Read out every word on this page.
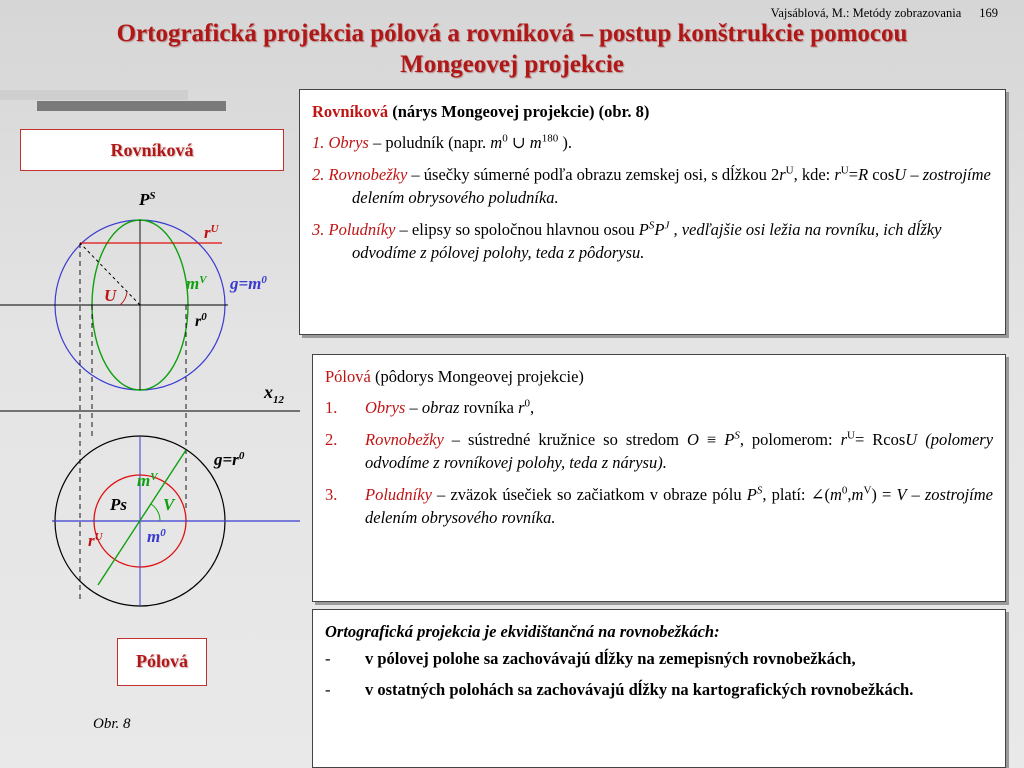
Vajsáblová, M.: Metódy zobrazovania 169
Ortografická projekcia pólová a rovníková – postup konštrukcie pomocou
Mongeovej projekcie
Rovníková
$P^S$
$r^U$
$m^V$ $g=m^0$
U
$r^0$
$x_{12}$
$g=r^0$
$m^V$
Ps V
$r^U$	$m^0$
Pólová
Obr. 8
Rovníková (nárys Mongeovej projekcie) (obr. 8)
1. Obrys – poludník (napr. $m^0$ ∪ $m^{180}$ ).
2. Rovnobežky – úsečky súmerné podľa obrazu zemskej osi, s dĺžkou $2r^U$, kde: $r^U=R$ cosU – zostrojíme delením obrysového poludníka.
3. Poludníky – elipsy so spoločnou hlavnou osou $P^SP^J$ , vedľajšie osi ležia na rovníku, ich dĺžky odvodíme z pólovej polohy, teda z pôdorysu.
Pólová (pôdorys Mongeovej projekcie)
1. Obrys – obraz rovníka $r^0$,
2. Rovnobežky – sústredné kružnice so stredom $O \equiv P^S$, polomerom: $r^U= RcosU$ (polomery odvodíme z rovníkovej polohy, teda z nárysu).
3. Poludníky – zväzok úsečiek so začiatkom v obraze pólu $P^S$, platí: $\angle(m^0,m^V) = V$ – zostrojíme delením obrysového rovníka.
Ortografická projekcia je ekvidištančná na rovnobežkách:
- v pólovej polohe sa zachovávajú dĺžky na zemepisných rovnobežkách,
- v ostatných polohách sa zachovávajú dĺžky na kartografických rovnobežkách.
